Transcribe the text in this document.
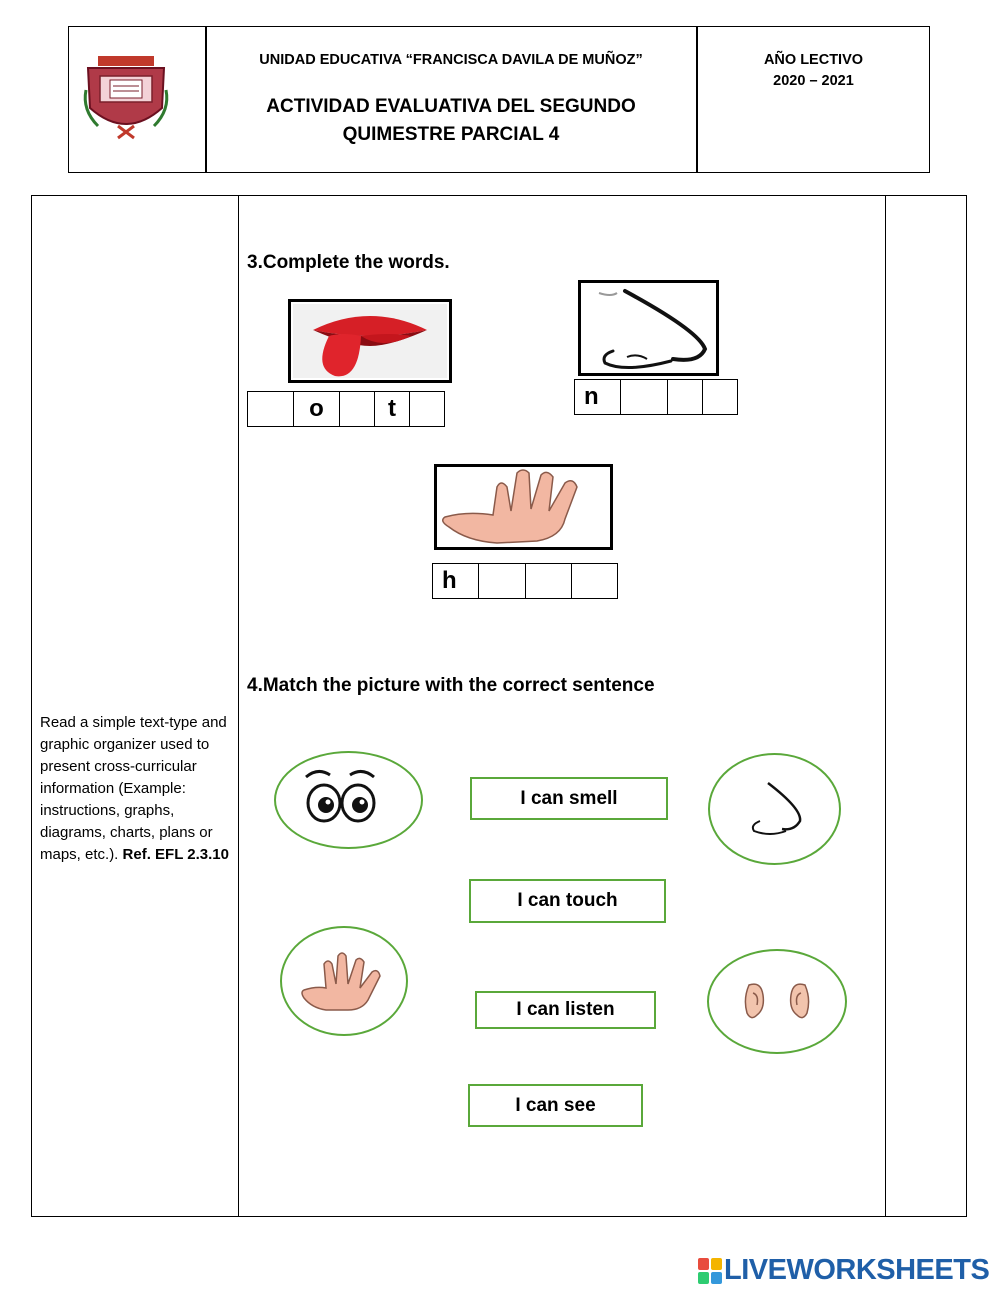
UNIDAD EDUCATIVA “FRANCISCA DAVILA DE MUÑOZ”
ACTIVIDAD EVALUATIVA DEL SEGUNDO
QUIMESTRE PARCIAL 4
AÑO LECTIVO
2020 – 2021
Read a simple text-type and graphic organizer used to present cross-curricular information (Example: instructions, graphs, diagrams, charts, plans or maps, etc.). Ref. EFL 2.3.10
3.Complete the words.
o	t	n
h
4.Match the picture with the correct sentence
I can smell
I can touch
I can listen
I can see
LIVEWORKSHEETS
